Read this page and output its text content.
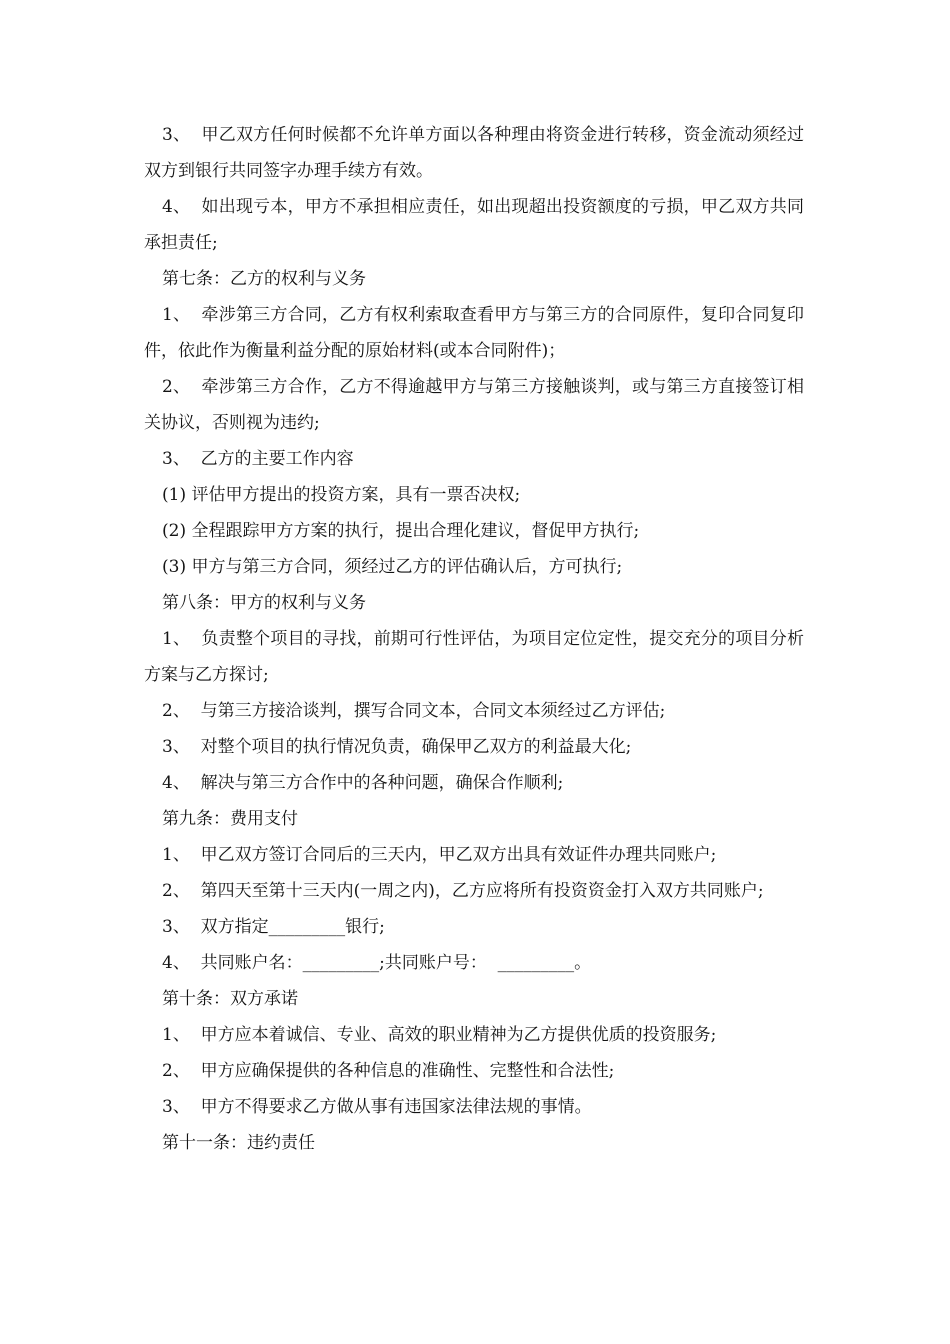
3、  甲乙双方任何时候都不允许单方面以各种理由将资金进行转移，资金流动须经过双方到银行共同签字办理手续方有效。

4、  如出现亏本，甲方不承担相应责任，如出现超出投资额度的亏损，甲乙双方共同承担责任;

第七条：乙方的权利与义务

1、  牵涉第三方合同，乙方有权利索取查看甲方与第三方的合同原件，复印合同复印件，依此作为衡量利益分配的原始材料(或本合同附件)；

2、  牵涉第三方合作，乙方不得逾越甲方与第三方接触谈判，或与第三方直接签订相关协议，否则视为违约;

3、  乙方的主要工作内容

(1) 评估甲方提出的投资方案，具有一票否决权;

(2) 全程跟踪甲方方案的执行，提出合理化建议，督促甲方执行;

(3) 甲方与第三方合同，须经过乙方的评估确认后，方可执行;

第八条：甲方的权利与义务

1、  负责整个项目的寻找，前期可行性评估，为项目定位定性，提交充分的项目分析方案与乙方探讨;

2、  与第三方接洽谈判，撰写合同文本，合同文本须经过乙方评估;

3、  对整个项目的执行情况负责，确保甲乙双方的利益最大化;

4、  解决与第三方合作中的各种问题，确保合作顺利;

第九条：费用支付

1、  甲乙双方签订合同后的三天内，甲乙双方出具有效证件办理共同账户;

2、  第四天至第十三天内(一周之内)，乙方应将所有投资资金打入双方共同账户;

3、  双方指定_________银行;

4、  共同账户名：_________;共同账户号：  _________。

第十条：双方承诺

1、  甲方应本着诚信、专业、高效的职业精神为乙方提供优质的投资服务;

2、  甲方应确保提供的各种信息的准确性、完整性和合法性;

3、  甲方不得要求乙方做从事有违国家法律法规的事情。

第十一条：违约责任
